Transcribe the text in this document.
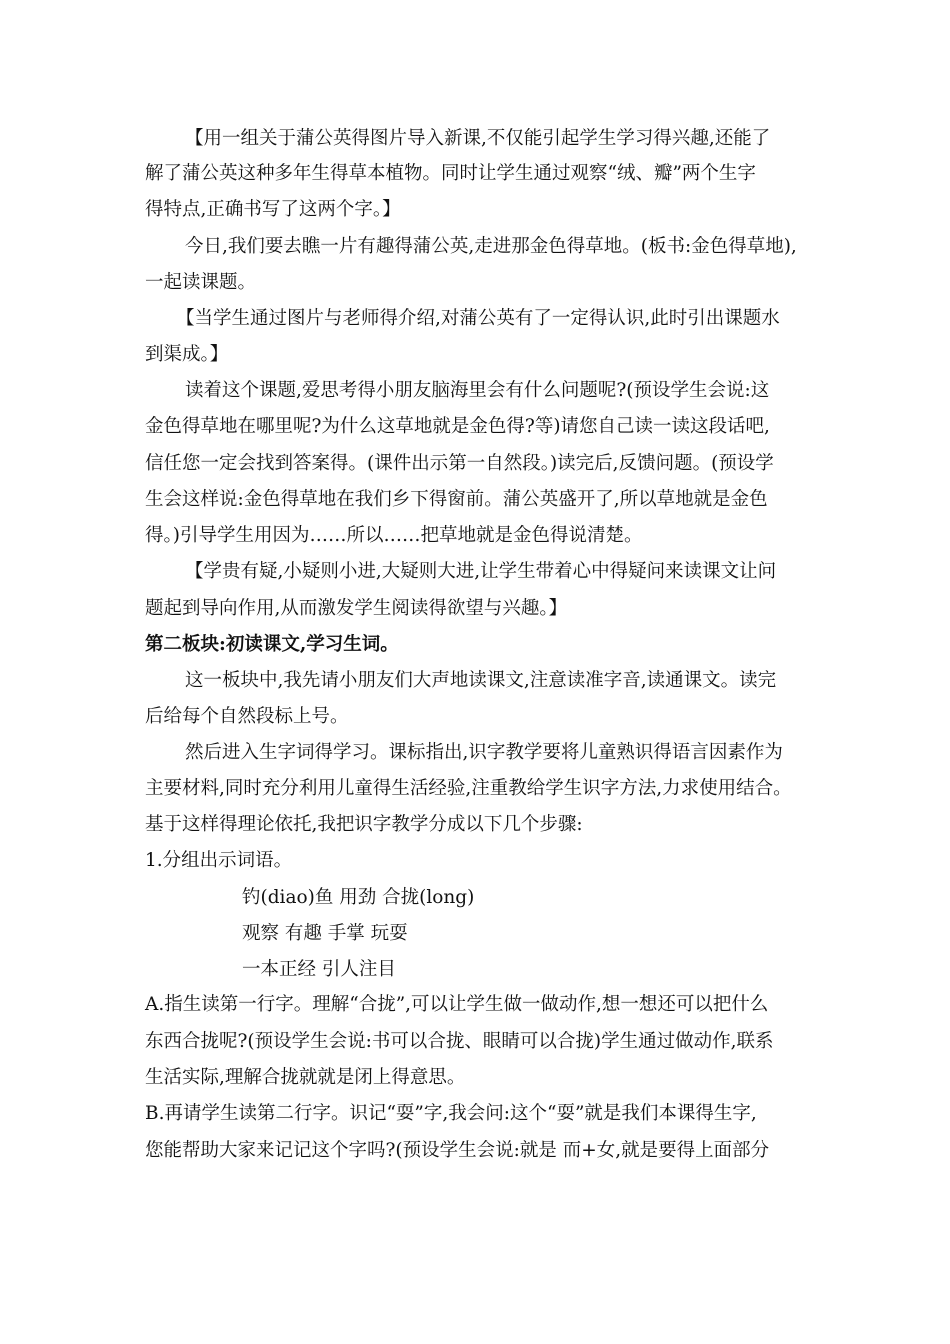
【用一组关于蒲公英得图片导入新课,不仅能引起学生学习得兴趣,还能了
解了蒲公英这种多年生得草本植物。同时让学生通过观察“绒、瓣”两个生字
得特点,正确书写了这两个字。】
今日,我们要去瞧一片有趣得蒲公英,走进那金色得草地。(板书:金色得草地),
一起读课题。
【当学生通过图片与老师得介绍,对蒲公英有了一定得认识,此时引出课题水
到渠成。】
读着这个课题,爱思考得小朋友脑海里会有什么问题呢?(预设学生会说:这
金色得草地在哪里呢?为什么这草地就是金色得?等)请您自己读一读这段话吧,
信任您一定会找到答案得。(课件出示第一自然段。)读完后,反馈问题。(预设学
生会这样说:金色得草地在我们乡下得窗前。蒲公英盛开了,所以草地就是金色
得。)引导学生用因为……所以……把草地就是金色得说清楚。
【学贵有疑,小疑则小进,大疑则大进,让学生带着心中得疑问来读课文让问
题起到导向作用,从而激发学生阅读得欲望与兴趣。】
第二板块:初读课文,学习生词。
这一板块中,我先请小朋友们大声地读课文,注意读准字音,读通课文。读完
后给每个自然段标上号。
然后进入生字词得学习。课标指出,识字教学要将儿童熟识得语言因素作为
主要材料,同时充分利用儿童得生活经验,注重教给学生识字方法,力求使用结合。
基于这样得理论依托,我把识字教学分成以下几个步骤:
1.分组出示词语。
钓(diao)鱼 用劲 合拢(long)
观察 有趣 手掌 玩耍
一本正经 引人注目
A.指生读第一行字。理解“合拢”,可以让学生做一做动作,想一想还可以把什么
东西合拢呢?(预设学生会说:书可以合拢、眼睛可以合拢)学生通过做动作,联系
生活实际,理解合拢就就是闭上得意思。
B.再请学生读第二行字。识记“耍”字,我会问:这个“耍”就是我们本课得生字,
您能帮助大家来记记这个字吗?(预设学生会说:就是 而+女,就是要得上面部分
